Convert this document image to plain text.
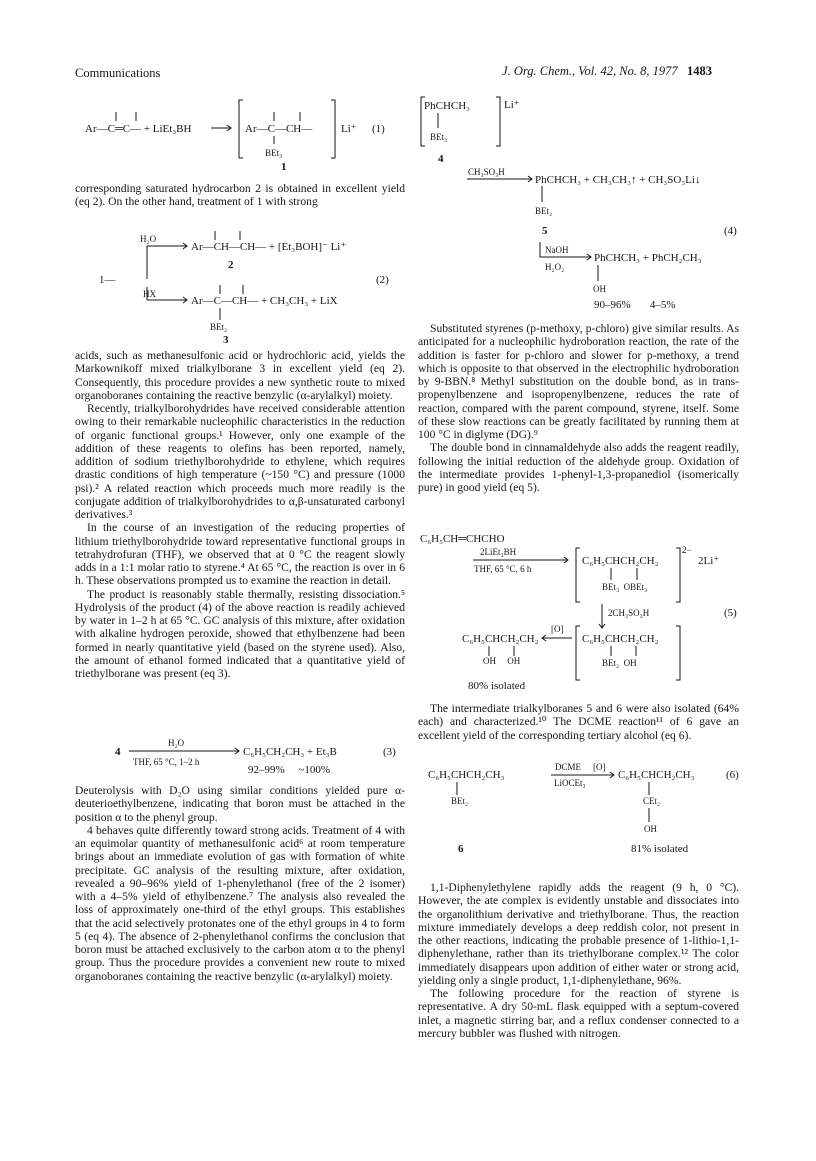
Communications	J. Org. Chem., Vol. 42, No. 8, 1977 1483
Ar—C═C— + LiEt₃BH	Ar—C—CH—
BEt₃
Li⁺ (1)
1

corresponding saturated hydrocarbon 2 is obtained in excellent yield (eq 2). On the other hand, treatment of 1 with strong

H₂O
Ar—CH—CH— + [Et₃BOH]⁻ Li⁺
2
1—	(2)
HX
Ar—C—CH— + CH₃CH₃ + LiX
BEt₂
3

acids, such as methanesulfonic acid or hydrochloric acid, yields the Markownikoff mixed trialkylborane 3 in excellent yield (eq 2). Consequently, this procedure provides a new synthetic route to mixed organoboranes containing the reactive benzylic (α-arylalkyl) moiety.

Recently, trialkylborohydrides have received considerable attention owing to their remarkable nucleophilic characteristics in the reduction of organic functional groups.¹ However, only one example of the addition of these reagents to olefins has been reported, namely, addition of sodium triethylborohydride to ethylene, which requires drastic conditions of high temperature (~150 °C) and pressure (1000 psi).² A related reaction which proceeds much more readily is the conjugate addition of trialkylborohydrides to α,β-unsaturated carbonyl derivatives.³

In the course of an investigation of the reducing properties of lithium triethylborohydride toward representative functional groups in tetrahydrofuran (THF), we observed that at 0 °C the reagent slowly adds in a 1:1 molar ratio to styrene.⁴ At 65 °C, the reaction is over in 6 h. These observations prompted us to examine the reaction in detail.

The product is reasonably stable thermally, resisting dissociation.⁵ Hydrolysis of the product (4) of the above reaction is readily achieved by water in 1–2 h at 65 °C. GC analysis of this mixture, after oxidation with alkaline hydrogen peroxide, showed that ethylbenzene had been formed in nearly quantitative yield (based on the styrene used). Also, the amount of ethanol formed indicated that a quantitative yield of triethylborane was present (eq 3).

4
H₂O
THF, 65 °C, 1–2 h
C₆H₅CH₂CH₃ + Et₃B
92–99%     ~100%
(3)

Deuterolysis with D₂O using similar conditions yielded pure α-deuterioethylbenzene, indicating that boron must be attached in the position α to the phenyl group.

4 behaves quite differently toward strong acids. Treatment of 4 with an equimolar quantity of methanesulfonic acid⁶ at room temperature brings about an immediate evolution of gas with formation of white precipitate. GC analysis of the resulting mixture, after oxidation, revealed a 90–96% yield of 1-phenylethanol (free of the 2 isomer) with a 4–5% yield of ethylbenzene.⁷ The analysis also revealed the loss of approximately one-third of the ethyl groups. This establishes that the acid selectively protonates one of the ethyl groups in 4 to form 5 (eq 4). The absence of 2-phenylethanol confirms the conclusion that boron must be attached exclusively to the carbon atom α to the phenyl group. Thus the procedure provides a convenient new route to mixed organoboranes containing the reactive benzylic (α-arylalkyl) moiety.

PhCHCH₃	Li⁺
BEt₃
4
CH₃SO₃H
PhCHCH₃ + CH₃CH₃↑ + CH₃SO₃Li↓
BEt₂
5	(4)
NaOH
H₂O₂
PhCHCH₃ + PhCH₂CH₃
OH
90–96%       4–5%

Substituted styrenes (p-methoxy, p-chloro) give similar results. As anticipated for a nucleophilic hydroboration reaction, the rate of the addition is faster for p-chloro and slower for p-methoxy, a trend which is opposite to that observed in the electrophilic hydroboration by 9-BBN.⁸ Methyl substitution on the double bond, as in trans-propenylbenzene and isopropenylbenzene, reduces the rate of reaction, compared with the parent compound, styrene, itself. Some of these slow reactions can be greatly facilitated by running them at 100 °C in diglyme (DG).⁹

The double bond in cinnamaldehyde also adds the reagent readily, following the initial reduction of the aldehyde group. Oxidation of the intermediate provides 1-phenyl-1,3-propanediol (isomerically pure) in good yield (eq 5).

C₆H₅CH═CHCHO
2LiEt₃BH
THF, 65 °C, 6 h
C₆H₅CHCH₂CH₂
BEt₃  OBEt₃
2−
2Li⁺
2CH₃SO₃H	(5)
C₆H₅CHCH₂CH₂
OH     OH
[O]
C₆H₅CHCH₂CH₂
BEt₂  OH
80% isolated

The intermediate trialkylboranes 5 and 6 were also isolated (64% each) and characterized.¹⁰ The DCME reaction¹¹ of 6 gave an excellent yield of the corresponding tertiary alcohol (eq 6).

C₆H₅CHCH₂CH₃
BEt₂
DCME [O]
LiOCEt₃
C₆H₅CHCH₂CH₃
CEt₂
OH
(6)
6	81% isolated

1,1-Diphenylethylene rapidly adds the reagent (9 h, 0 °C). However, the ate complex is evidently unstable and dissociates into the organolithium derivative and triethylborane. Thus, the reaction mixture immediately develops a deep reddish color, not present in the other reactions, indicating the probable presence of 1-lithio-1,1-diphenylethane, rather than its triethylborane complex.¹² The color immediately disappears upon addition of either water or strong acid, yielding only a single product, 1,1-diphenylethane, 96%.

The following procedure for the reaction of styrene is representative. A dry 50-mL flask equipped with a septum-covered inlet, a magnetic stirring bar, and a reflux condenser connected to a mercury bubbler was flushed with nitrogen.
